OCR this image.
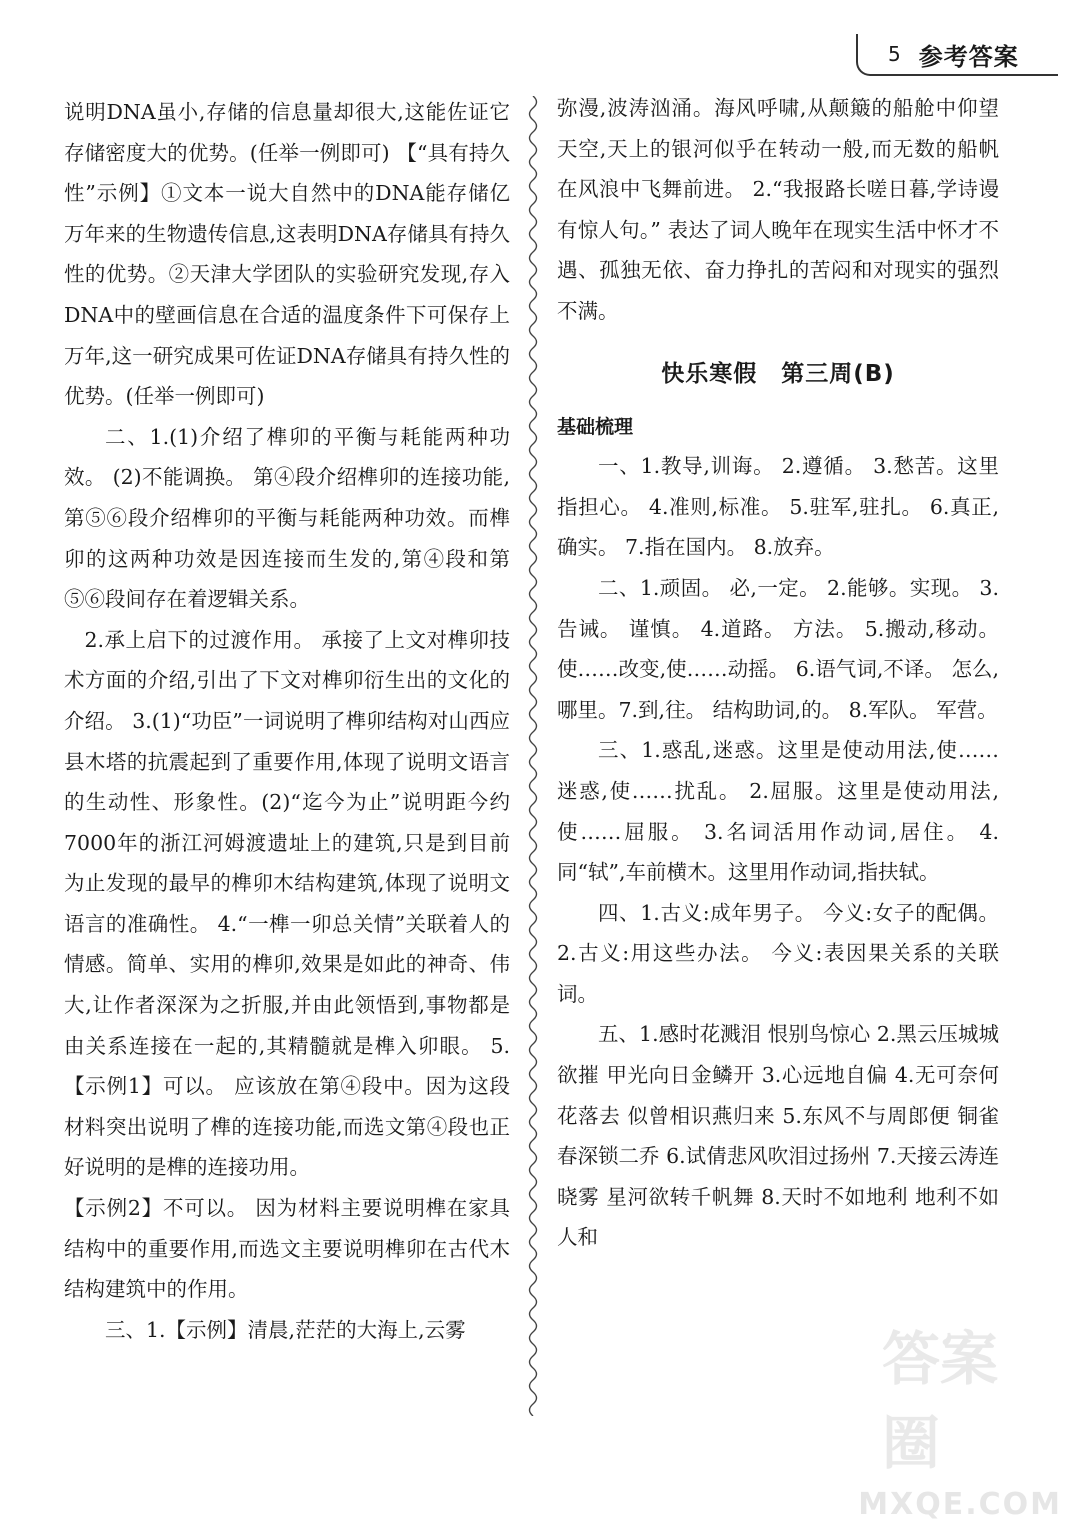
5 参考答案

说明DNA虽小,存储的信息量却很大,这能佐证它存储密度大的优势。(任举一例即可) 【“具有持久性”示例】①文本一说大自然中的DNA能存储亿万年来的生物遗传信息,这表明DNA存储具有持久性的优势。②天津大学团队的实验研究发现,存入DNA中的壁画信息在合适的温度条件下可保存上万年,这一研究成果可佐证DNA存储具有持久性的优势。(任举一例即可)

二、1.(1)介绍了榫卯的平衡与耗能两种功效。 (2)不能调换。 第④段介绍榫卯的连接功能,第⑤⑥段介绍榫卯的平衡与耗能两种功效。而榫卯的这两种功效是因连接而生发的,第④段和第⑤⑥段间存在着逻辑关系。

2.承上启下的过渡作用。 承接了上文对榫卯技术方面的介绍,引出了下文对榫卯衍生出的文化的介绍。 3.(1)“功臣”一词说明了榫卯结构对山西应县木塔的抗震起到了重要作用,体现了说明文语言的生动性、形象性。(2)“迄今为止”说明距今约7000年的浙江河姆渡遗址上的建筑,只是到目前为止发现的最早的榫卯木结构建筑,体现了说明文语言的准确性。 4.“一榫一卯总关情”关联着人的情感。简单、实用的榫卯,效果是如此的神奇、伟大,让作者深深为之折服,并由此领悟到,事物都是由关系连接在一起的,其精髓就是榫入卯眼。 5.【示例1】可以。 应该放在第④段中。因为这段材料突出说明了榫的连接功能,而选文第④段也正好说明的是榫的连接功用。

【示例2】不可以。 因为材料主要说明榫在家具结构中的重要作用,而选文主要说明榫卯在古代木结构建筑中的作用。

三、1.【示例】清晨,茫茫的大海上,云雾

弥漫,波涛汹涌。海风呼啸,从颠簸的船舱中仰望天空,天上的银河似乎在转动一般,而无数的船帆在风浪中飞舞前进。 2.“我报路长嗟日暮,学诗谩有惊人句。” 表达了词人晚年在现实生活中怀才不遇、孤独无依、奋力挣扎的苦闷和对现实的强烈不满。

快乐寒假　第三周(B)

基础梳理

一、1.教导,训诲。 2.遵循。 3.愁苦。这里指担心。 4.准则,标准。 5.驻军,驻扎。 6.真正,确实。 7.指在国内。 8.放弃。

二、1.顽固。 必,一定。 2.能够。实现。 3.告诫。 谨慎。 4.道路。 方法。 5.搬动,移动。 使……改变,使……动摇。 6.语气词,不译。 怎么,哪里。7.到,往。 结构助词,的。 8.军队。 军营。

三、1.惑乱,迷惑。这里是使动用法,使……迷惑,使……扰乱。 2.屈服。这里是使动用法,使……屈服。 3.名词活用作动词,居住。 4.同“轼”,车前横木。这里用作动词,指扶轼。

四、1.古义:成年男子。 今义:女子的配偶。 2.古义:用这些办法。 今义:表因果关系的关联词。

五、1.感时花溅泪 恨别鸟惊心 2.黑云压城城欲摧 甲光向日金鳞开 3.心远地自偏 4.无可奈何花落去 似曾相识燕归来 5.东风不与周郎便 铜雀春深锁二乔 6.试倩悲风吹泪过扬州 7.天接云涛连晓雾 星河欲转千帆舞 8.天时不如地利 地利不如人和

答案圈
MXQE.COM
